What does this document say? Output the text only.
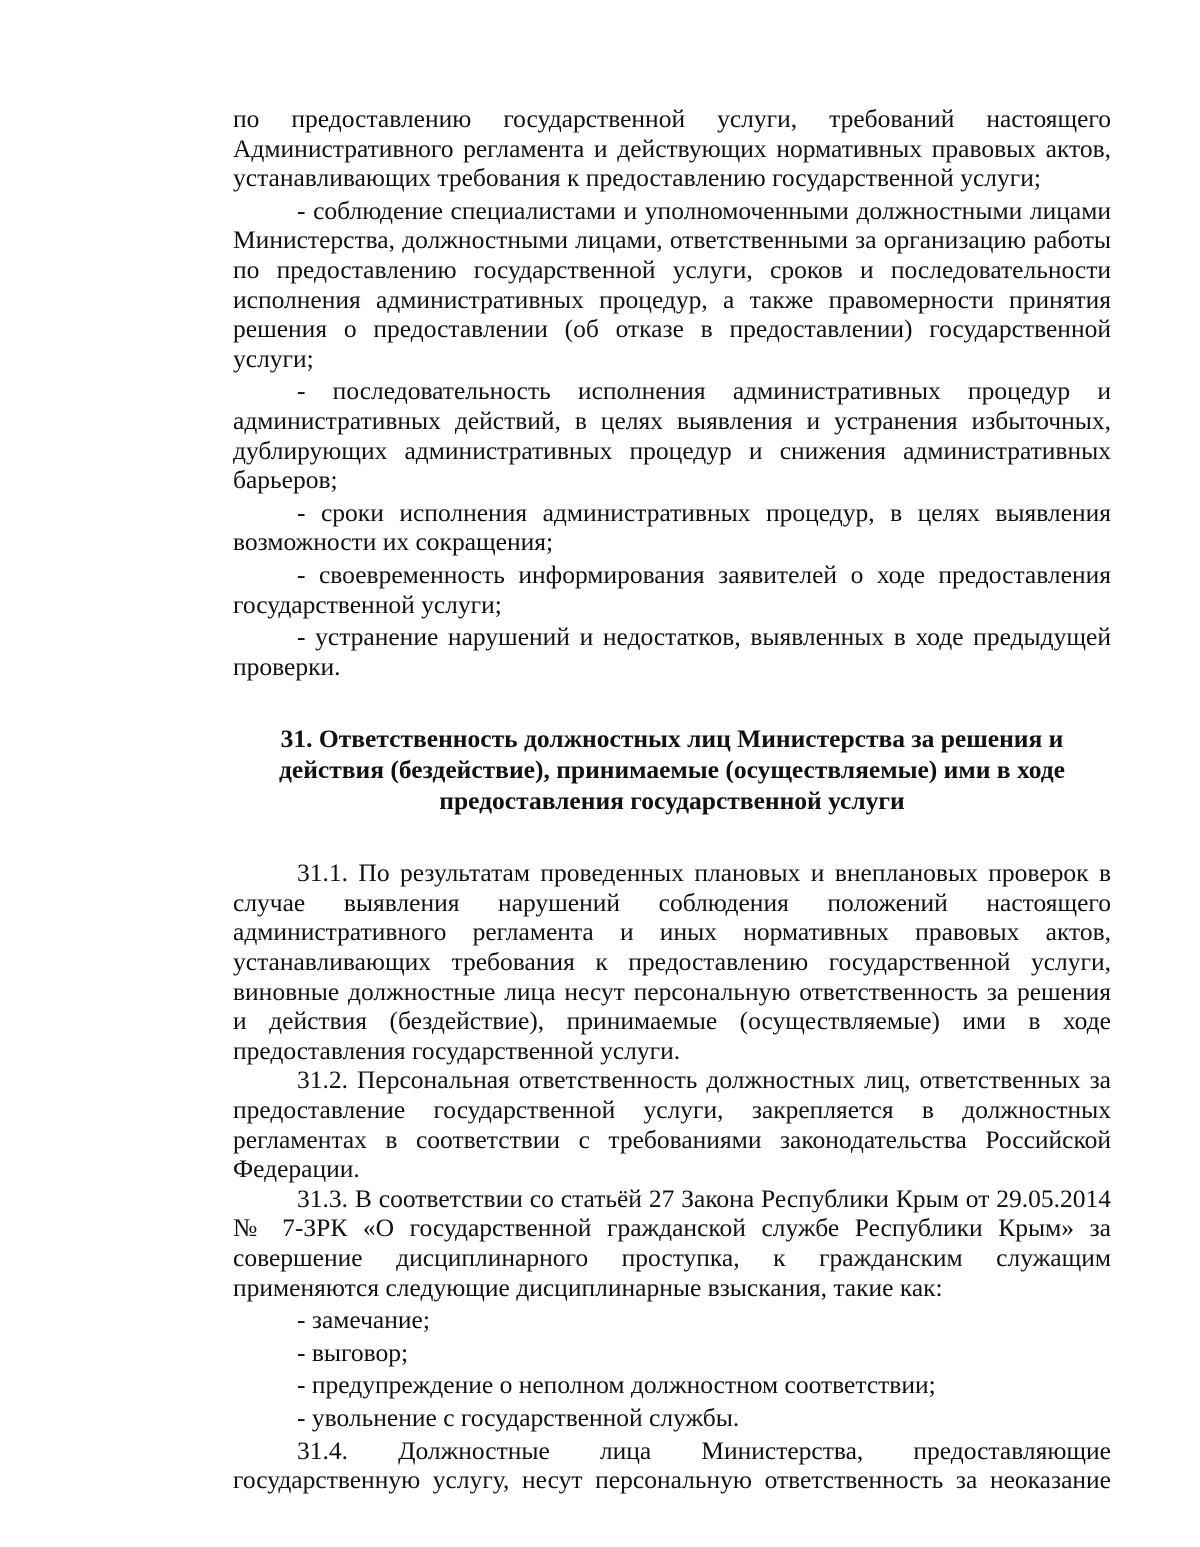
по предоставлению государственной услуги, требований настоящего Административного регламента и действующих нормативных правовых актов, устанавливающих требования к предоставлению государственной услуги;

- соблюдение специалистами и уполномоченными должностными лицами Министерства, должностными лицами, ответственными за организацию работы по предоставлению государственной услуги, сроков и последовательности исполнения административных процедур, а также правомерности принятия решения о предоставлении (об отказе в предоставлении) государственной услуги;

- последовательность исполнения административных процедур и административных действий, в целях выявления и устранения избыточных, дублирующих административных процедур и снижения административных барьеров;

- сроки исполнения административных процедур, в целях выявления возможности их сокращения;

- своевременность информирования заявителей о ходе предоставления государственной услуги;

- устранение нарушений и недостатков, выявленных в ходе предыдущей проверки.

31. Ответственность должностных лиц Министерства за решения и действия (бездействие), принимаемые (осуществляемые) ими в ходе предоставления государственной услуги

31.1. По результатам проведенных плановых и внеплановых проверок в случае выявления нарушений соблюдения положений настоящего административного регламента и иных нормативных правовых актов, устанавливающих требования к предоставлению государственной услуги, виновные должностные лица несут персональную ответственность за решения и действия (бездействие), принимаемые (осуществляемые) ими в ходе предоставления государственной услуги.

31.2. Персональная ответственность должностных лиц, ответственных за предоставление государственной услуги, закрепляется в должностных регламентах в соответствии с требованиями законодательства Российской Федерации.

31.3. В соответствии со статьёй 27 Закона Республики Крым от 29.05.2014 № 7-ЗРК «О государственной гражданской службе Республики Крым» за совершение дисциплинарного проступка, к гражданским служащим применяются следующие дисциплинарные взыскания, такие как:

- замечание;

- выговор;

- предупреждение о неполном должностном соответствии;

- увольнение с государственной службы.

31.4. Должностные лица Министерства, предоставляющие государственную услугу, несут персональную ответственность за неоказание
